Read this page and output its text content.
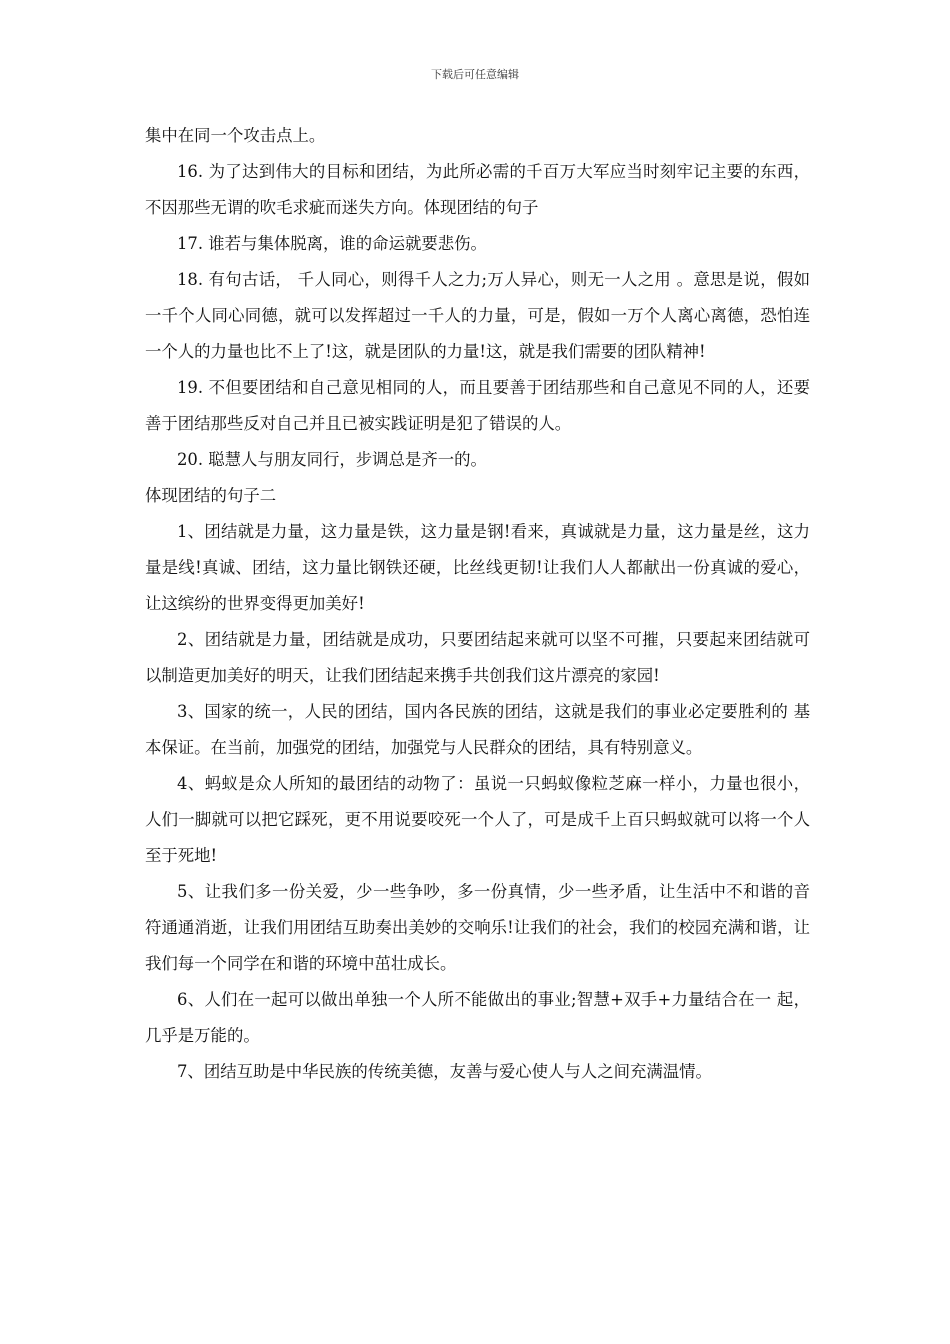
下载后可任意编辑

集中在同一个攻击点上。

16. 为了达到伟大的目标和团结，为此所必需的千百万大军应当时刻牢记主要的东西，不因那些无谓的吹毛求疵而迷失方向。体现团结的句子

17. 谁若与集体脱离，谁的命运就要悲伤。

18. 有句古话， 千人同心，则得千人之力;万人异心，则无一人之用 。意思是说，假如一千个人同心同德，就可以发挥超过一千人的力量，可是，假如一万个人离心离德，恐怕连一个人的力量也比不上了!这，就是团队的力量!这，就是我们需要的团队精神!

19. 不但要团结和自己意见相同的人，而且要善于团结那些和自己意见不同的人，还要善于团结那些反对自己并且已被实践证明是犯了错误的人。

20. 聪慧人与朋友同行，步调总是齐一的。

体现团结的句子二

1、团结就是力量，这力量是铁，这力量是钢!看来，真诚就是力量，这力量是丝，这力量是线!真诚、团结，这力量比钢铁还硬，比丝线更韧!让我们人人都献出一份真诚的爱心，让这缤纷的世界变得更加美好!

2、团结就是力量，团结就是成功，只要团结起来就可以坚不可摧，只要起来团结就可以制造更加美好的明天，让我们团结起来携手共创我们这片漂亮的家园!

3、国家的统一，人民的团结，国内各民族的团结，这就是我们的事业必定要胜利的 基本保证。在当前，加强党的团结，加强党与人民群众的团结，具有特别意义。

4、蚂蚁是众人所知的最团结的动物了：虽说一只蚂蚁像粒芝麻一样小，力量也很小，人们一脚就可以把它踩死，更不用说要咬死一个人了，可是成千上百只蚂蚁就可以将一个人至于死地!

5、让我们多一份关爱，少一些争吵，多一份真情，少一些矛盾，让生活中不和谐的音符通通消逝，让我们用团结互助奏出美妙的交响乐!让我们的社会，我们的校园充满和谐，让我们每一个同学在和谐的环境中茁壮成长。

6、人们在一起可以做出单独一个人所不能做出的事业;智慧+双手+力量结合在一 起，几乎是万能的。

7、团结互助是中华民族的传统美德，友善与爱心使人与人之间充满温情。
